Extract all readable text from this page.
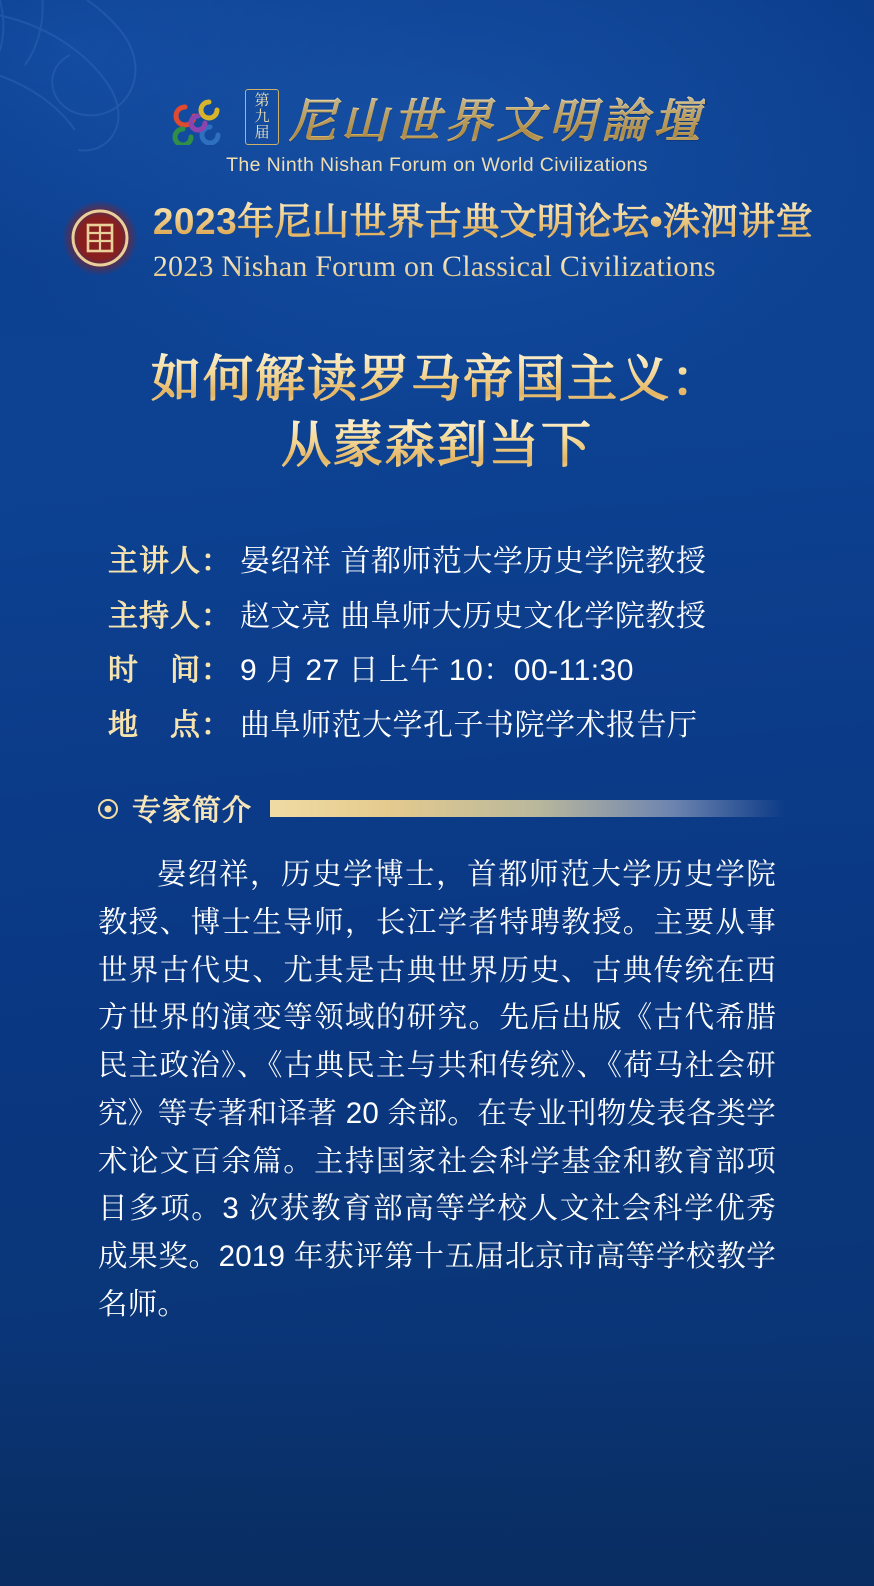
第九届 尼山世界文明論壇
The Ninth Nishan Forum on World Civilizations
2023年尼山世界古典文明论坛•洙泗讲堂
2023 Nishan Forum on Classical Civilizations
如何解读罗马帝国主义：
从蒙森到当下
主讲人： 晏绍祥 首都师范大学历史学院教授
主持人： 赵文亮 曲阜师大历史文化学院教授
时　间： 9 月 27 日上午 10：00-11:30
地　点： 曲阜师范大学孔子书院学术报告厅
专家简介

晏绍祥，历史学博士，首都师范大学历史学院教授、博士生导师，长江学者特聘教授。主要从事世界古代史、尤其是古典世界历史、古典传统在西方世界的演变等领域的研究。先后出版《古代希腊民主政治》、《古典民主与共和传统》、《荷马社会研究》等专著和译著 20 余部。在专业刊物发表各类学术论文百余篇。主持国家社会科学基金和教育部项目多项。3 次获教育部高等学校人文社会科学优秀成果奖。2019 年获评第十五届北京市高等学校教学名师。
